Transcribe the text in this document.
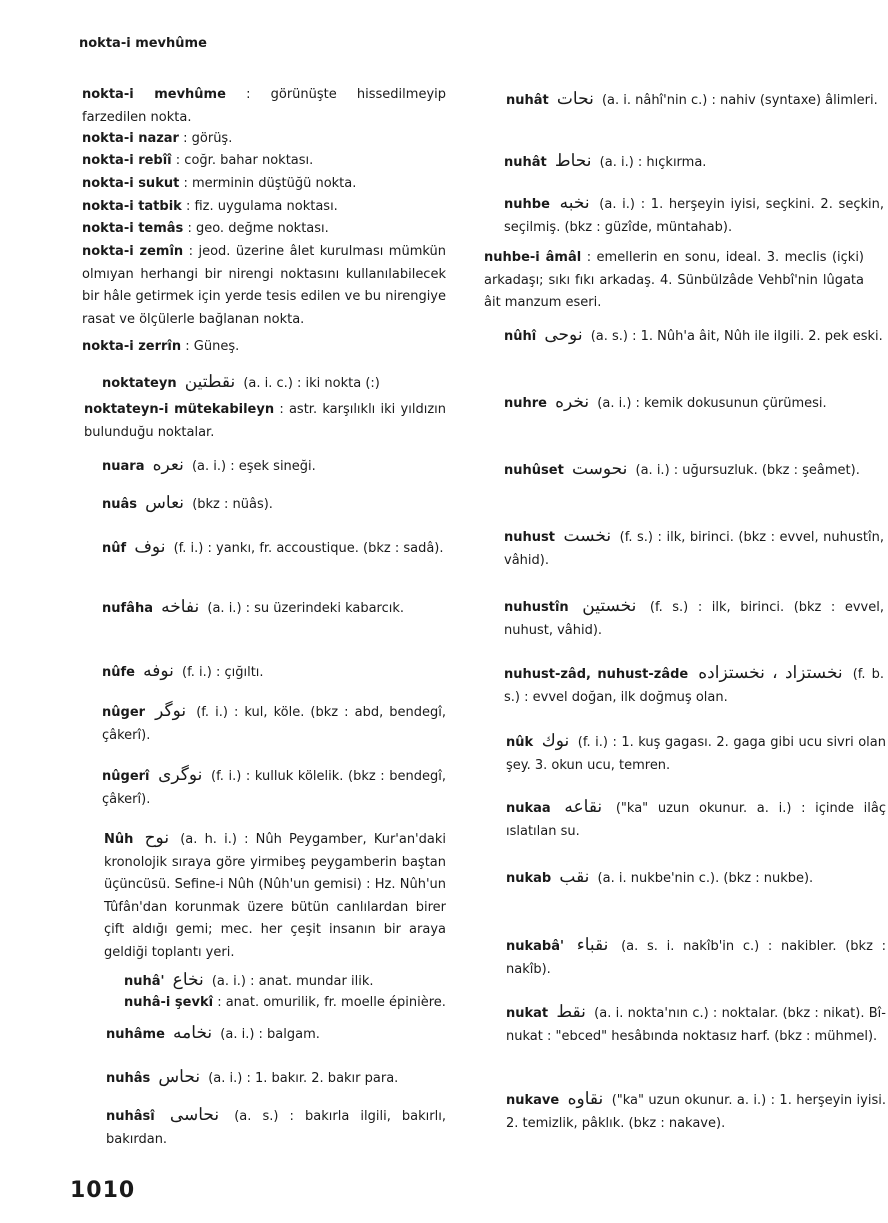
nokta-i mevhûme
nokta-i mevhûme : görünüşte hissedilmeyip farzedilen nokta.
nokta-i nazar : görüş.
nokta-i rebîî : coğr. bahar noktası.
nokta-i sukut : merminin düştüğü nokta.
nokta-i tatbik : fiz. uygulama noktası.
nokta-i temâs : geo. değme noktası.
nokta-i zemîn : jeod. üzerine âlet kurulması mümkün olmıyan herhangi bir nirengi noktasını kullanılabilecek bir hâle getirmek için yerde tesis edilen ve bu nirengiye rasat ve ölçülerle bağlanan nokta.
nokta-i zerrîn : Güneş.
noktateyn نقطتين (a. i. c.) : iki nokta (:)
noktateyn-i mütekabileyn : astr. karşılıklı iki yıldızın bulunduğu noktalar.
nuara نعره (a. i.) : eşek sineği.
nuâs نعاس (bkz : nüâs).
nûf نوف (f. i.) : yankı, fr. accoustique. (bkz : sadâ).
nufâha نفاخه (a. i.) : su üzerindeki kabarcık.
nûfe نوفه (f. i.) : çığıltı.
nûger نوگر (f. i.) : kul, köle. (bkz : abd, bendegî, çâkerî).
nûgerî نوگرى (f. i.) : kulluk kölelik. (bkz : bendegî, çâkerî).
Nûh نوح (a. h. i.) : Nûh Peygamber, Kur'an'daki kronolojik sıraya göre yirmibeş peygamberin baştan üçüncüsü. Sefine-i Nûh (Nûh'un gemisi) : Hz. Nûh'un Tûfân'dan korunmak üzere bütün canlılardan birer çift aldığı gemi; mec. her çeşit insanın bir araya geldiği toplantı yeri.
nuhâ' نخاع (a. i.) : anat. mundar ilik.
nuhâ-i şevkî : anat. omurilik, fr. moelle épinière.
nuhâme نخامه (a. i.) : balgam.
nuhâs نحاس (a. i.) : 1. bakır. 2. bakır para.
nuhâsî نحاسى (a. s.) : bakırla ilgili, bakırlı, bakırdan.
nuhât نحات (a. i. nâhî'nin c.) : nahiv (syntaxe) âlimleri.
nuhât نحاط (a. i.) : hıçkırma.
nuhbe نخبه (a. i.) : 1. herşeyin iyisi, seçkini. 2. seçkin, seçilmiş. (bkz : güzîde, müntahab).
nuhbe-i âmâl : emellerin en sonu, ideal. 3. meclis (içki) arkadaşı; sıkı fıkı arkadaş. 4. Sünbülzâde Vehbî'nin lûgata âit manzum eseri.
nûhî نوحى (a. s.) : 1. Nûh'a âit, Nûh ile ilgili. 2. pek eski.
nuhre نخره (a. i.) : kemik dokusunun çürümesi.
nuhûset نحوست (a. i.) : uğursuzluk. (bkz : şeâmet).
nuhust نخست (f. s.) : ilk, birinci. (bkz : evvel, nuhustîn, vâhid).
nuhustîn نخستين (f. s.) : ilk, birinci. (bkz : evvel, nuhust, vâhid).
nuhust-zâd, nuhust-zâde نخستزاد ، نخستزاده (f. b. s.) : evvel doğan, ilk doğmuş olan.
nûk نوك (f. i.) : 1. kuş gagası. 2. gaga gibi ucu sivri olan şey. 3. okun ucu, temren.
nukaa نقاعه ("ka" uzun okunur. a. i.) : içinde ilâç ıslatılan su.
nukab نقب (a. i. nukbe'nin c.). (bkz : nukbe).
nukabâ' نقباء (a. s. i. nakîb'in c.) : nakibler. (bkz : nakîb).
nukat نقط (a. i. nokta'nın c.) : noktalar. (bkz : nikat). Bî-nukat : "ebced" hesâbında noktasız harf. (bkz : mühmel).
nukave نقاوه ("ka" uzun okunur. a. i.) : 1. herşeyin iyisi. 2. temizlik, pâklık. (bkz : nakave).
1010
